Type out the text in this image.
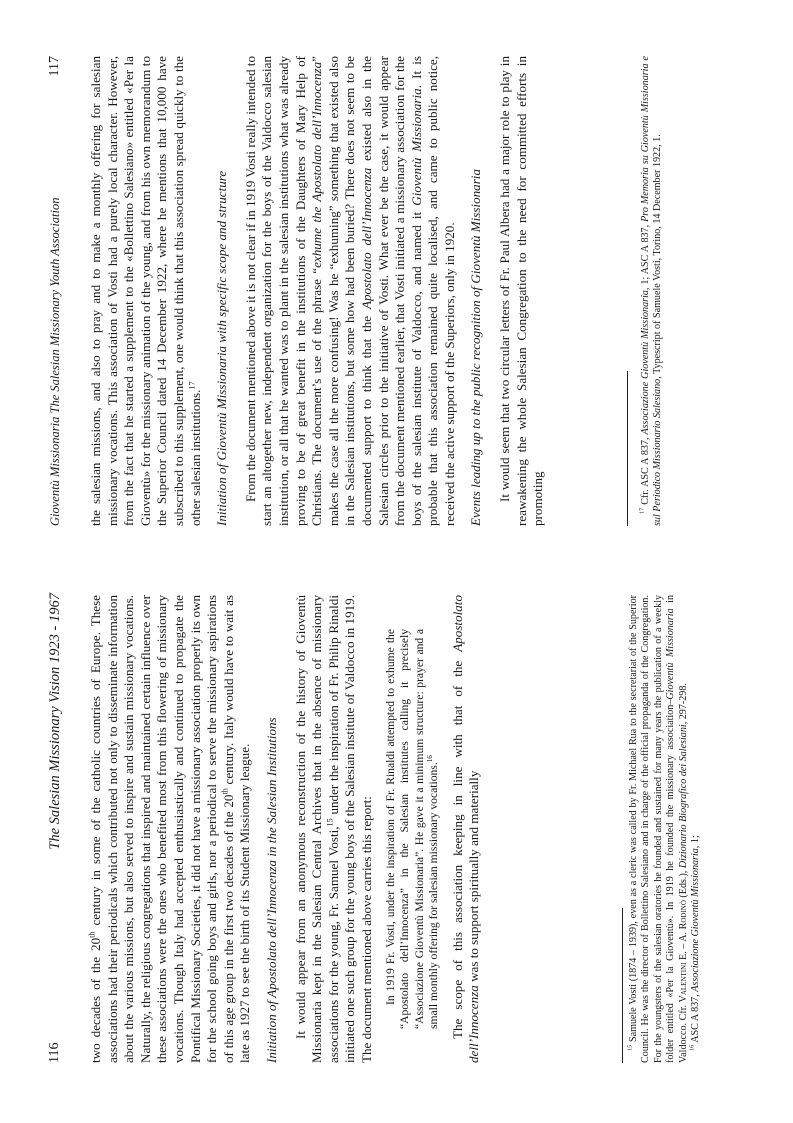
116
The Salesian Missionary Vision 1923 - 1967

two decades of the 20th century in some of the catholic countries of Europe. These associations had their periodicals which contributed not only to disseminate information about the various missions, but also served to inspire and sustain missionary vocations. Naturally, the religious congregations that inspired and maintained certain influence over these associations were the ones who benefited most from this flowering of missionary vocations. Though Italy had accepted enthusiastically and continued to propagate the Pontifical Missionary Societies, it did not have a missionary association properly its own for the school going boys and girls, nor a periodical to serve the missionary aspirations of this age group in the first two decades of the 20th century. Italy would have to wait as late as 1927 to see the birth of its Student Missionary league. Initiation of Apostolato dell’Innocenza in the Salesian Institutions It would appear from an anonymous reconstruction of the history of Gioventù Missionaria kept in the Salesian Central Archives that in the absence of missionary associations for the young, Fr. Samuel Vosti,$^{15}$ under the inspiration of Fr. Philip Rinaldi initiated one such group for the young boys of the Salesian institute of Valdocco in 1919. The document mentioned above carries this report: In 1919 Fr. Vosti, under the inspiration of Fr. Rinaldi attempted to exhume the “Apostolato dell’Innocenza” in the Salesian institutes calling it precisely “Associazione Gioventù Missionaria”. He gave it a minimum structure: prayer and a small monthly offering for salesian missionary vocations.$^{16}$	The scope of this association keeping in line with that of the Apostolato dell’Innocenza was to support spiritually and materially

$^{15}$ Samuele Vosti (1874 – 1939), even as a cleric was called by Fr. Michael Rua to the secretariat of the Superior Council. He was the director of Bollettino Salesiano and in charge of the official propaganda of the Congregation. For the youngsters of the salesian oratories he founded and sustained for many years the publication of a weekly folder entitled «Per la Gioventù». In 1919 he founded the missionary association–Gioventù Missionaria in Valdocco. Cfr. Valentini E. – A. Rodinò (Eds.), Dizionario Biografico dei Salesiani, 297-298.

$^{16}$ ASC A 837, Associazione Gioventù Missionaria, 1;

Gioventù Missionaria The Salesian Missionary Youth Association
117	the salesian missions, and also to pray and to make a monthly offering for salesian missionary vocations. This association of Vosti had a purely local character. However, from the fact that he started a supplement to the «Bollettino Salesiano» entitled «Per la Gioventù» for the missionary animation of the young, and from his own memorandum to the Superior Council dated 14 December 1922, where he mentions that 10,000 have subscribed to this supplement, one would think that this association spread quickly to the other salesian institutions.$^{17}$	Initiation of Gioventù Missionaria with specific scope and structure From the document mentioned above it is not clear if in 1919 Vosti really intended to start an altogether new, independent organization for the boys of the Valdocco salesian institution, or all that he wanted was to plant in the salesian institutions what was already proving to be of great benefit in the institutions of the Daughters of Mary Help of Christians. The document’s use of the phrase “exhume the Apostolato dell’Innocenza” makes the case all the more confusing! Was he “exhuming” something that existed also in the Salesian institutions, but some how had been buried? There does not seem to be documented support to think that the Apostolato dell’Innocenza existed also in the Salesian circles prior to the initiative of Vosti. What ever be the case, it would appear from the document mentioned earlier, that Vosti initiated a missionary association for the boys of the salesian institute of Valdocco, and named it Gioventù Missionaria. It is probable that this association remained quite localised, and came to public notice, received the active support of the Superiors, only in 1920. Events leading up to the public recognition of Gioventù Missionaria It would seem that two circular letters of Fr. Paul Albera had a major role to play in reawakening the whole Salesian Congregation to the need for committed efforts in promoting	$^{17}$ Cfr. ASC A 837, Associazione Gioventù Missionaria, 1; ASC A 837, Pro Memoria su Gioventù Missionaria e sul Periodico Missionario Salesiano, Typescript of Samuele Vosti, Torino, 14 December 1922, 1.
